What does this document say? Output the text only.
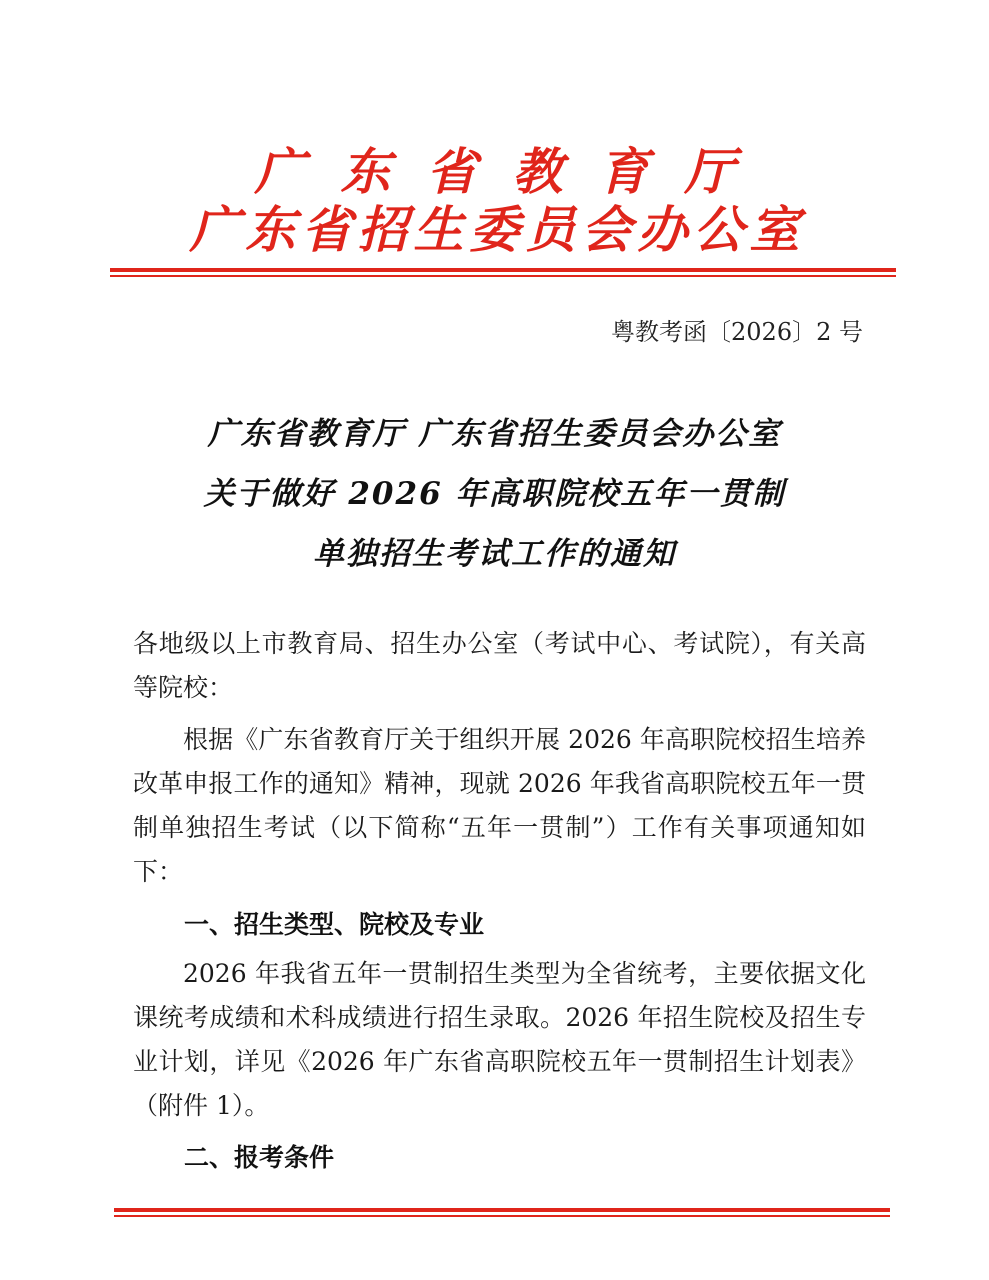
广东省教育厅
广东省招生委员会办公室
粤教考函〔2026〕2 号
广东省教育厅 广东省招生委员会办公室
关于做好 2026 年高职院校五年一贯制
单独招生考试工作的通知
各地级以上市教育局、招生办公室（考试中心、考试院），有关高等院校：
根据《广东省教育厅关于组织开展 2026 年高职院校招生培养改革申报工作的通知》精神，现就 2026 年我省高职院校五年一贯制单独招生考试（以下简称“五年一贯制”）工作有关事项通知如下：
一、招生类型、院校及专业
2026 年我省五年一贯制招生类型为全省统考，主要依据文化课统考成绩和术科成绩进行招生录取。2026 年招生院校及招生专业计划，详见《2026 年广东省高职院校五年一贯制招生计划表》（附件 1）。
二、报考条件
